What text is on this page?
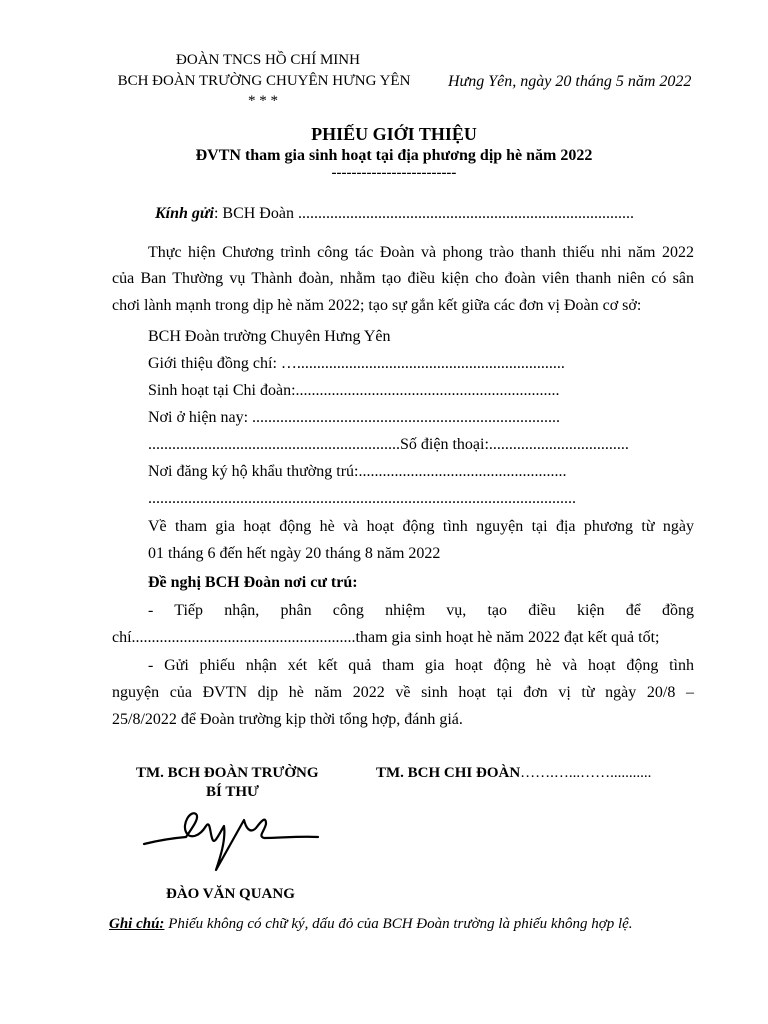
ĐOÀN TNCS HỒ CHÍ MINH
BCH ĐOÀN TRƯỜNG CHUYÊN HƯNG YÊN
* * *
Hưng Yên, ngày 20 tháng 5 năm 2022
PHIẾU GIỚI THIỆU
ĐVTN tham gia sinh hoạt tại địa phương dịp hè năm 2022
-------------------------
Kính gửi: BCH Đoàn ....................................................................................
Thực hiện Chương trình công tác Đoàn và phong trào thanh thiếu nhi năm 2022
của Ban Thường vụ Thành đoàn, nhằm tạo điều kiện cho đoàn viên thanh niên có sân
chơi lành mạnh trong dịp hè năm 2022; tạo sự gắn kết giữa các đơn vị Đoàn cơ sở:
BCH Đoàn trường Chuyên Hưng Yên
Giới thiệu đồng chí: …...................................................................
Sinh hoạt tại Chi đoàn:..................................................................
Nơi ở hiện nay: .............................................................................
...............................................................Số điện thoại:...................................
Nơi đăng ký hộ khẩu thường trú:....................................................
...........................................................................................................
Về tham gia hoạt động hè và hoạt động tình nguyện tại địa phương từ ngày
01 tháng 6 đến hết ngày 20 tháng 8 năm 2022
Đề nghị BCH Đoàn nơi cư trú:
- Tiếp nhận, phân công nhiệm vụ, tạo điều kiện để đồng
chí........................................................tham gia sinh hoạt hè năm 2022 đạt kết quả tốt;
- Gửi phiếu nhận xét kết quả tham gia hoạt động hè và hoạt động tình
nguyện của ĐVTN dịp hè năm 2022 về sinh hoạt tại đơn vị từ ngày 20/8 –
25/8/2022 để Đoàn trường kịp thời tổng hợp, đánh giá.
TM. BCH ĐOÀN TRƯỜNG
BÍ THƯ
TM. BCH CHI ĐOÀN…….…...……...........
ĐÀO VĂN QUANG
Ghi chú: Phiếu không có chữ ký, dấu đỏ của BCH Đoàn trường là phiếu không hợp lệ.
